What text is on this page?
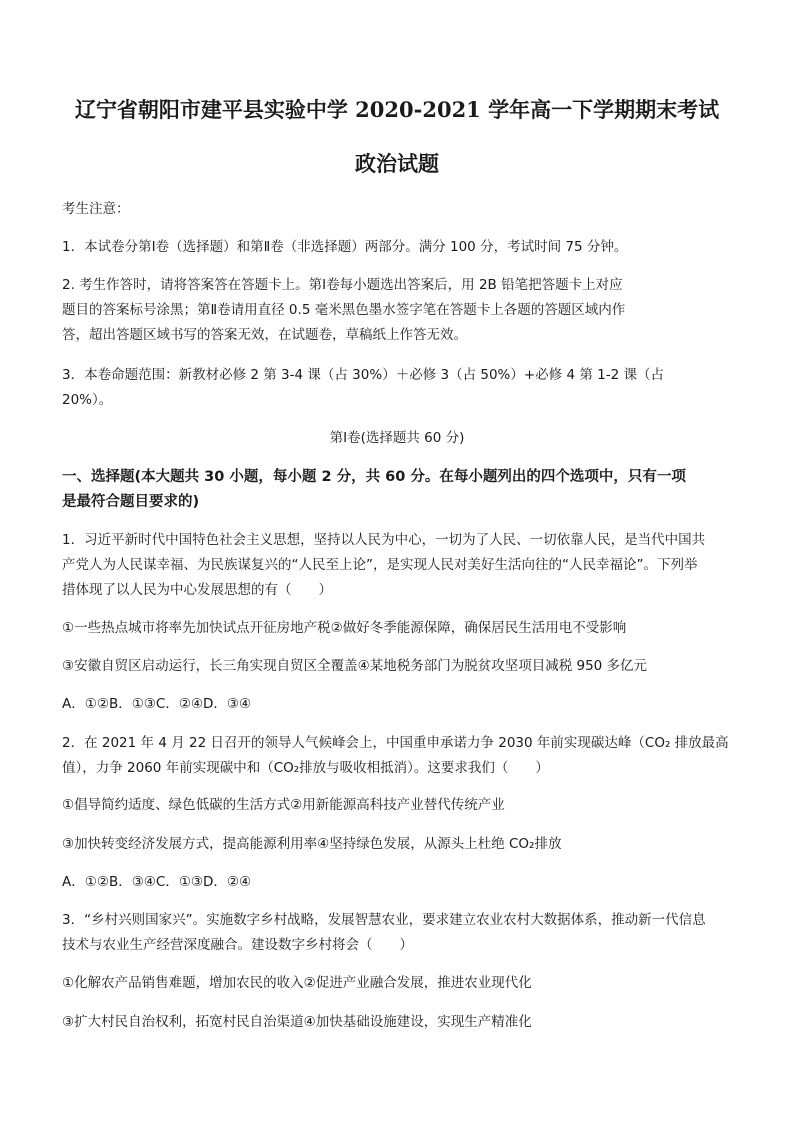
辽宁省朝阳市建平县实验中学 2020-2021 学年高一下学期期末考试
政治试题
考生注意：
1．本试卷分第Ⅰ卷（选择题）和第Ⅱ卷（非选择题）两部分。满分 100 分，考试时间 75 分钟。
2. 考生作答时，请将答案答在答题卡上。第Ⅰ卷每小题选出答案后，用 2B 铅笔把答题卡上对应
题目的答案标号涂黑；第Ⅱ卷请用直径 0.5 毫米黑色墨水签字笔在答题卡上各题的答题区域内作
答，超出答题区域书写的答案无效，在试题卷，草稿纸上作答无效。
3．本卷命题范围：新教材必修 2 第 3-4 课（占 30%）＋必修 3（占 50%）+必修 4 第 1-2 课（占
20%）。
第Ⅰ卷(选择题共 60 分)
一、选择题(本大题共 30 小题，每小题 2 分，共 60 分。在每小题列出的四个选项中，只有一项
是最符合题目要求的)
1．习近平新时代中国特色社会主义思想，坚持以人民为中心，一切为了人民、一切依靠人民，是当代中国共
产党人为人民谋幸福、为民族谋复兴的“人民至上论”，是实现人民对美好生活向往的“人民幸福论”。下列举
措体现了以人民为中心发展思想的有（　　）
①一些热点城市将率先加快试点开征房地产税②做好冬季能源保障，确保居民生活用电不受影响
③安徽自贸区启动运行，长三角实现自贸区全覆盖④某地税务部门为脱贫攻坚项目减税 950 多亿元
A．①②B．①③C．②④D．③④
2．在 2021 年 4 月 22 日召开的领导人气候峰会上，中国重申承诺力争 2030 年前实现碳达峰（CO₂ 排放最高
值），力争 2060 年前实现碳中和（CO₂排放与吸收相抵消）。这要求我们（　　）
①倡导简约适度、绿色低碳的生活方式②用新能源高科技产业替代传统产业
③加快转变经济发展方式，提高能源利用率④坚持绿色发展，从源头上杜绝 CO₂排放
A．①②B．③④C．①③D．②④
3．“乡村兴则国家兴”。实施数字乡村战略，发展智慧农业，要求建立农业农村大数据体系，推动新一代信息
技术与农业生产经营深度融合。建设数字乡村将会（　　）
①化解农产品销售难题，增加农民的收入②促进产业融合发展，推进农业现代化
③扩大村民自治权利，拓宽村民自治渠道④加快基础设施建设，实现生产精准化
